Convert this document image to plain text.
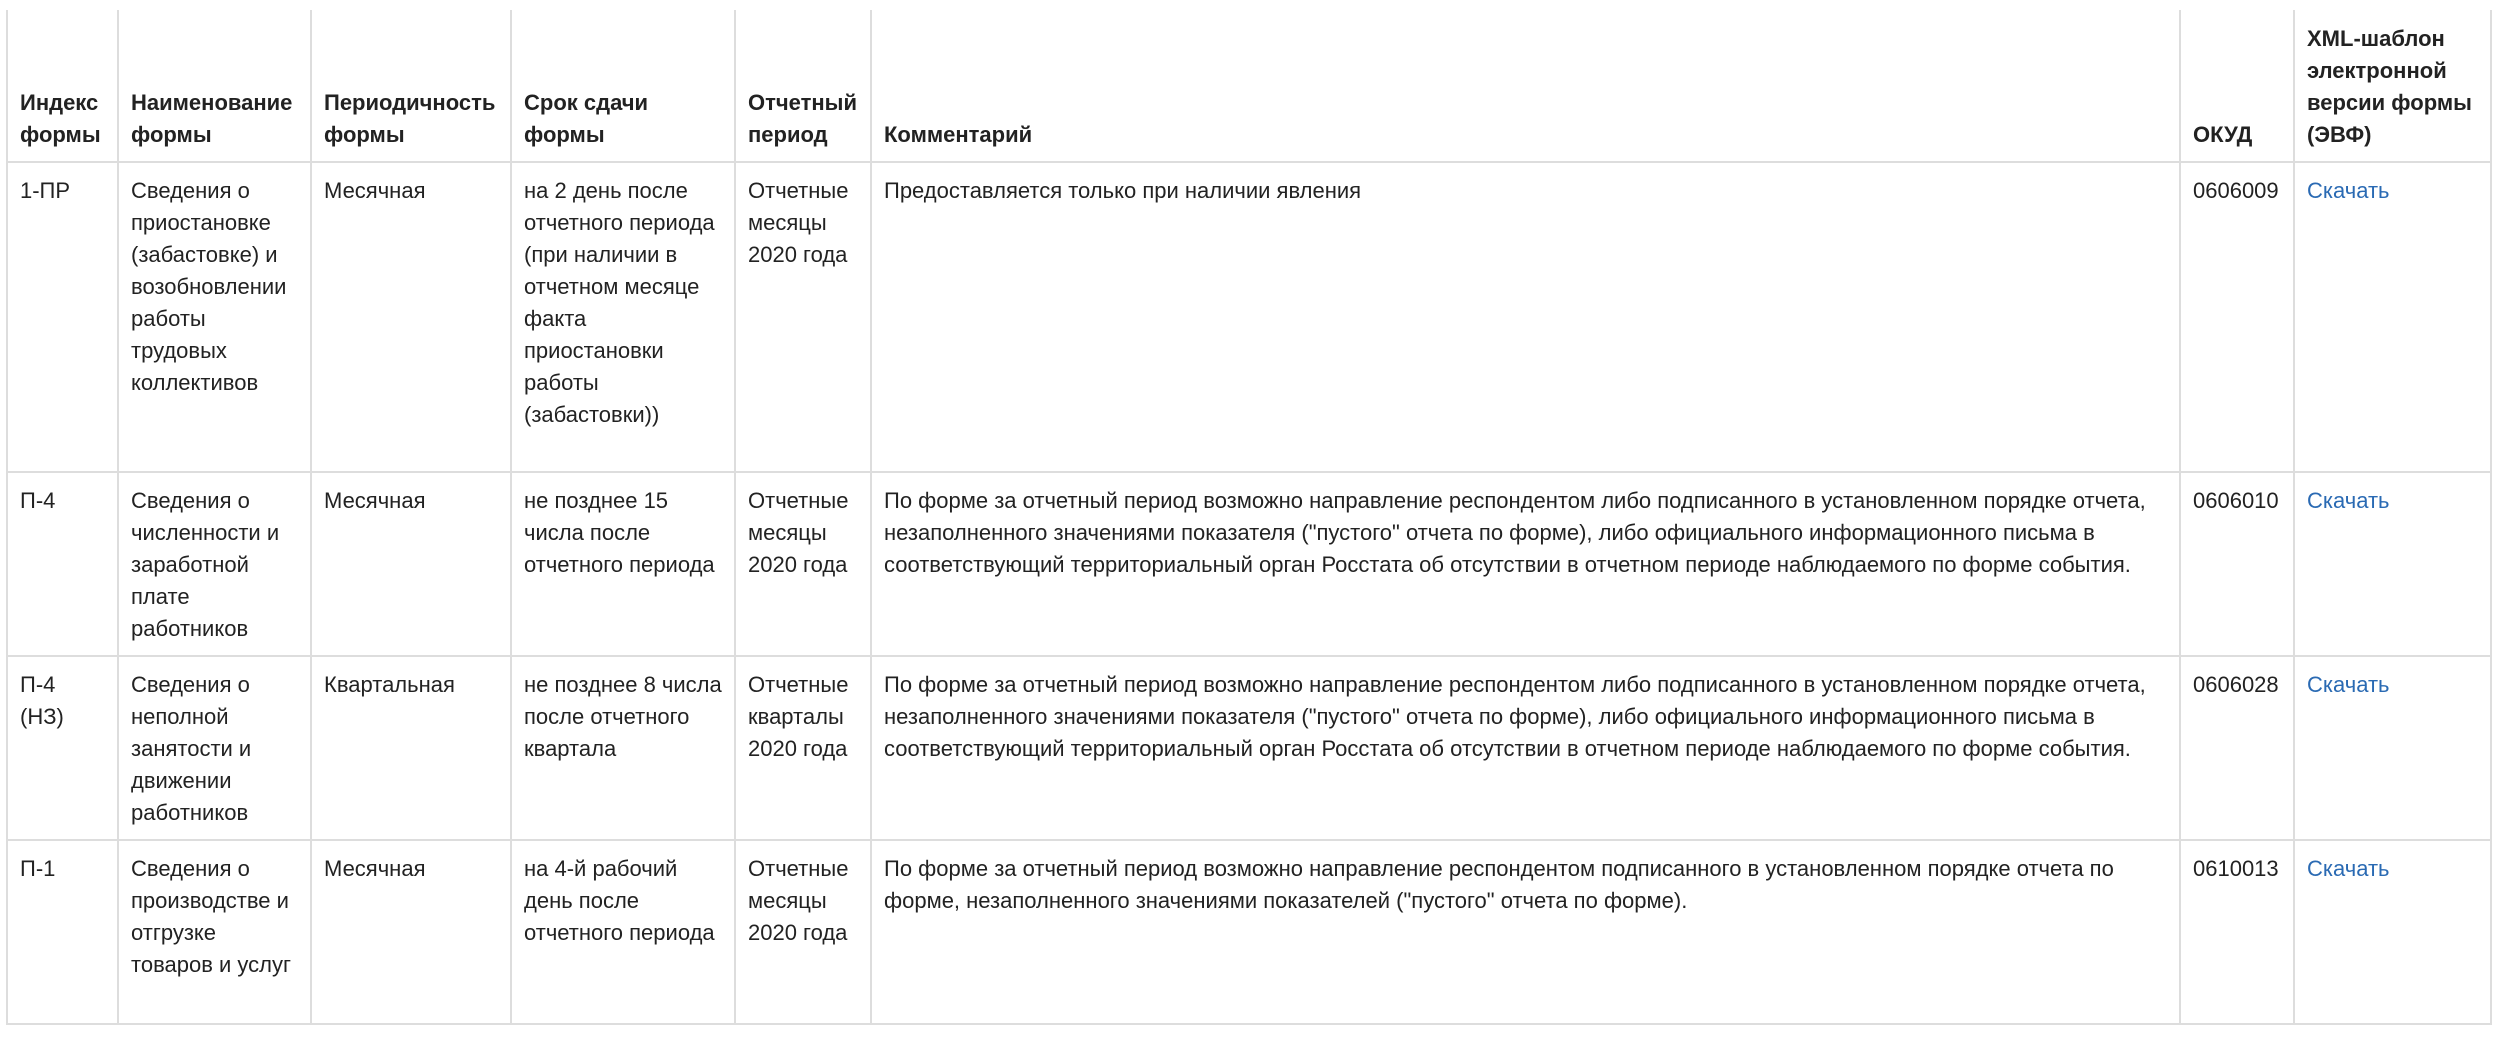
Индекс формы	Наименование формы	Периодичность формы	Срок сдачи формы	Отчетный период	Комментарий	ОКУД	XML-шаблон электронной версии формы (ЭВФ)
1-ПР	Сведения о приостановке (забастовке) и возобновлении работы трудовых коллективов	Месячная	на 2 день после отчетного периода (при наличии в отчетном месяце факта приостановки работы (забастовки))	Отчетные месяцы 2020 года	Предоставляется только при наличии явления	0606009	Скачать
П-4	Сведения о численности и заработной плате работников	Месячная	не позднее 15 числа после отчетного периода	Отчетные месяцы 2020 года	По форме за отчетный период возможно направление респондентом либо подписанного в установленном порядке отчета, незаполненного значениями показателя ("пустого" отчета по форме), либо официального информационного письма в соответствующий территориальный орган Росстата об отсутствии в отчетном периоде наблюдаемого по форме события.	0606010	Скачать
П-4 (НЗ)	Сведения о неполной занятости и движении работников	Квартальная	не позднее 8 числа после отчетного квартала	Отчетные кварталы 2020 года	По форме за отчетный период возможно направление респондентом либо подписанного в установленном порядке отчета, незаполненного значениями показателя ("пустого" отчета по форме), либо официального информационного письма в соответствующий территориальный орган Росстата об отсутствии в отчетном периоде наблюдаемого по форме события.	0606028	Скачать
П-1	Сведения о производстве и отгрузке товаров и услуг	Месячная	на 4-й рабочий день после отчетного периода	Отчетные месяцы 2020 года	По форме за отчетный период возможно направление респондентом подписанного в установленном порядке отчета по форме, незаполненного значениями показателей ("пустого" отчета по форме).	0610013	Скачать
